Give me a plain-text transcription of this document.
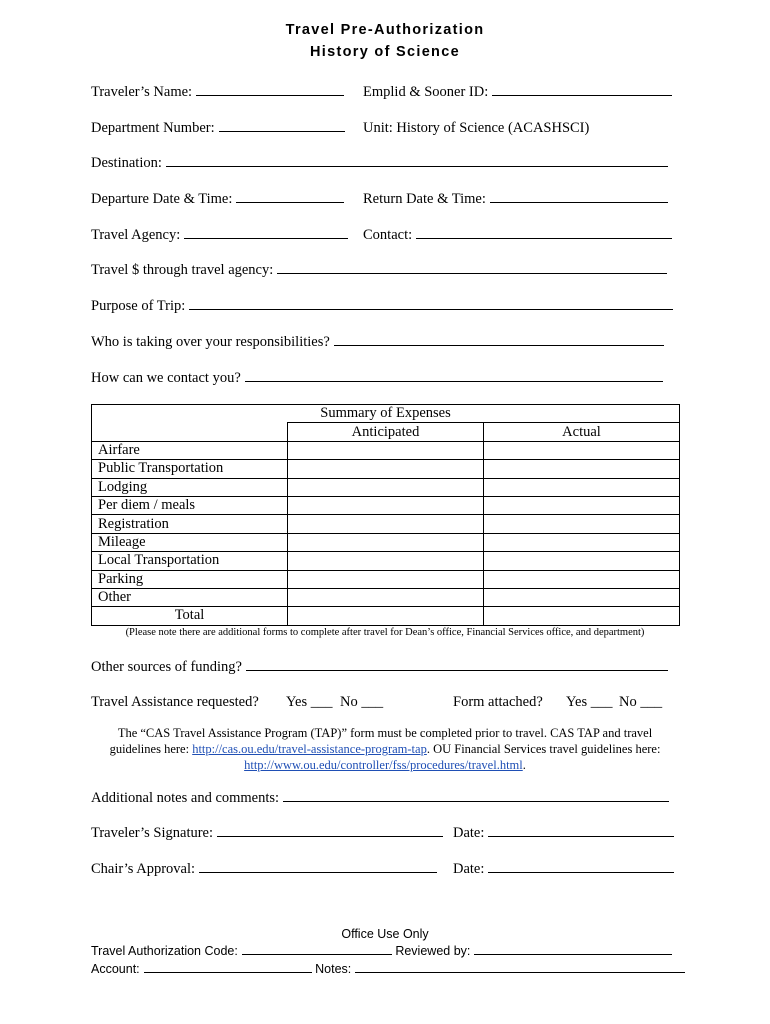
Travel Pre-Authorization
History of Science
Traveler’s Name:	Emplid & Sooner ID:
Department Number:	Unit: History of Science (ACASHSCI)
Destination:
Departure Date & Time:	Return Date & Time:
Travel Agency:	Contact:
Travel $ through travel agency:
Purpose of Trip:
Who is taking over your responsibilities?
How can we contact you?
Summary of Expenses		
	Anticipated	Actual
Airfare		
Public Transportation		
Lodging		
Per diem / meals		
Registration		
Mileage		
Local Transportation		
Parking		
Other		
Total		
(Please note there are additional forms to complete after travel for Dean’s office, Financial Services office, and department)
Other sources of funding?
Travel Assistance requested? Yes ___ No ___	Form attached? Yes ___ No ___
The “CAS Travel Assistance Program (TAP)” form must be completed prior to travel. CAS TAP and travel guidelines here: http://cas.ou.edu/travel-assistance-program-tap. OU Financial Services travel guidelines here: http://www.ou.edu/controller/fss/procedures/travel.html.
Additional notes and comments:
Traveler’s Signature:	Date:
Chair’s Approval:	Date:
Office Use Only
Travel Authorization Code:	Reviewed by:
Account:	Notes:
